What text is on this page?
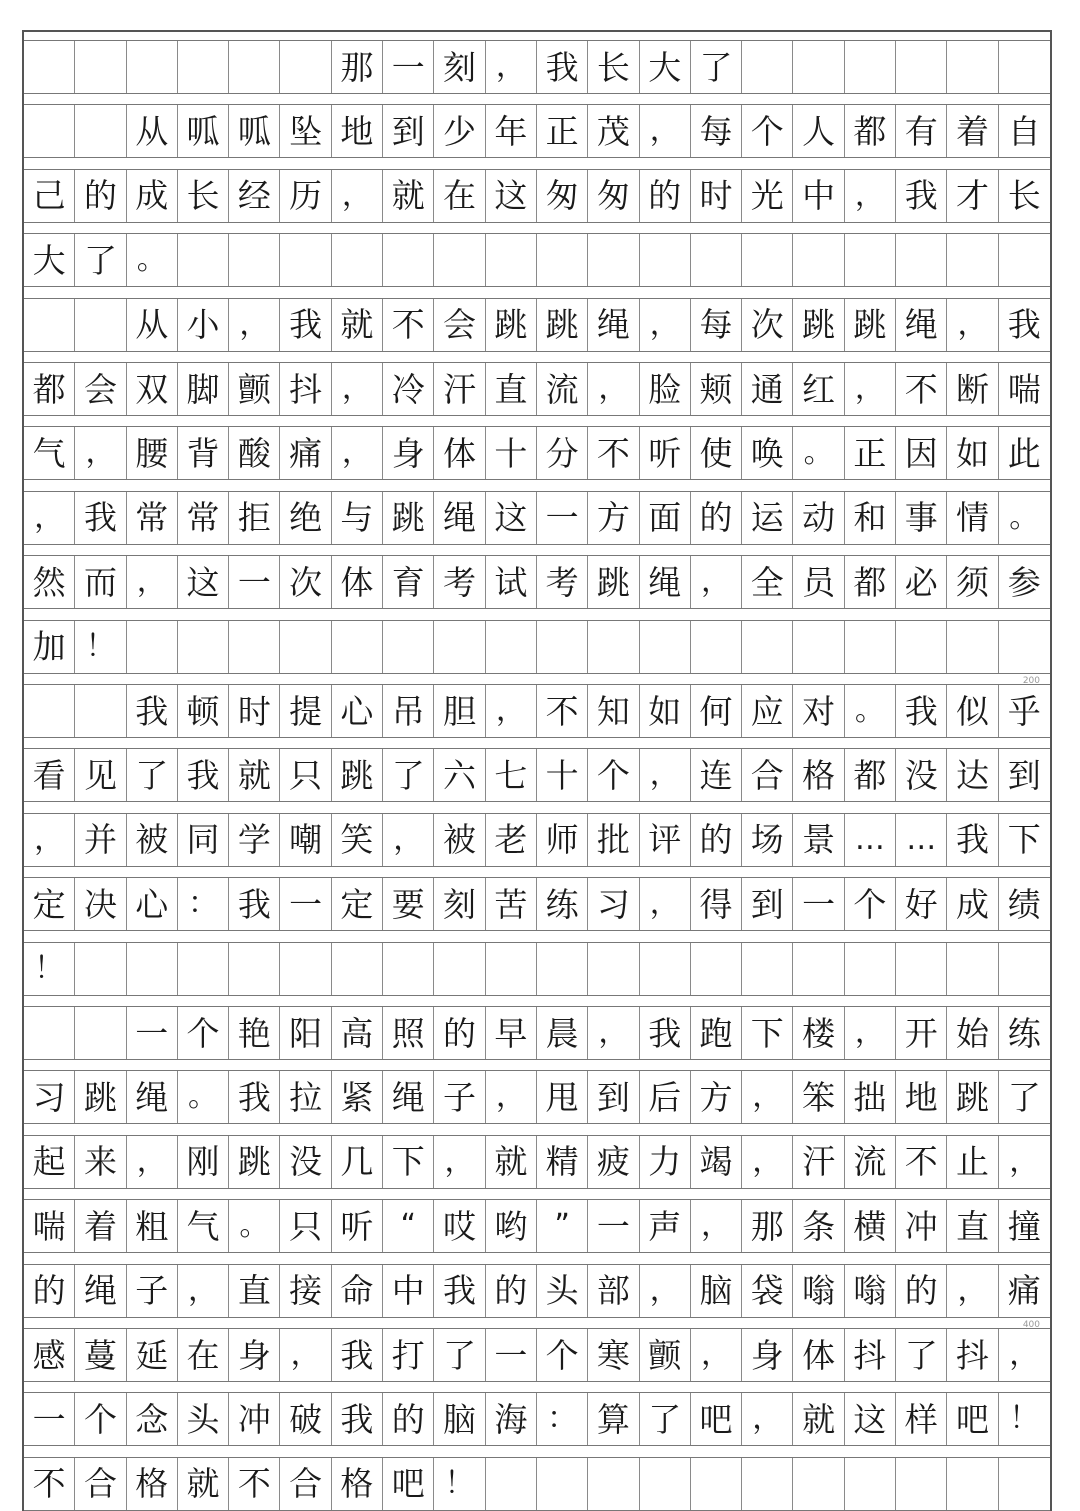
那 一 刻 ， 我 长 大 了
从 呱 呱 坠 地 到 少 年 正 茂 ， 每 个 人 都 有 着 自
己 的 成 长 经 历 ， 就 在 这 匆 匆 的 时 光 中 ， 我 才 长
大 了 。
从 小 ， 我 就 不 会 跳 跳 绳 ， 每 次 跳 跳 绳 ， 我
都 会 双 脚 颤 抖 ， 冷 汗 直 流 ， 脸 颊 通 红 ， 不 断 喘
气 ， 腰 背 酸 痛 ， 身 体 十 分 不 听 使 唤 。 正 因 如 此
， 我 常 常 拒 绝 与 跳 绳 这 一 方 面 的 运 动 和 事 情 。
然 而 ， 这 一 次 体 育 考 试 考 跳 绳 ， 全 员 都 必 须 参
加 ！
我 顿 时 提 心 吊 胆 ， 不 知 如 何 应 对 。 我 似 乎
看 见 了 我 就 只 跳 了 六 七 十 个 ， 连 合 格 都 没 达 到
， 并 被 同 学 嘲 笑 ， 被 老 师 批 评 的 场 景 … … 我 下
定 决 心 ： 我 一 定 要 刻 苦 练 习 ， 得 到 一 个 好 成 绩
！
一 个 艳 阳 高 照 的 早 晨 ， 我 跑 下 楼 ， 开 始 练
习 跳 绳 。 我 拉 紧 绳 子 ， 甩 到 后 方 ， 笨 拙 地 跳 了
起 来 ， 刚 跳 没 几 下 ， 就 精 疲 力 竭 ， 汗 流 不 止 ，
喘 着 粗 气 。 只 听 “ 哎 哟 ” 一 声 ， 那 条 横 冲 直 撞
的 绳 子 ， 直 接 命 中 我 的 头 部 ， 脑 袋 嗡 嗡 的 ， 痛
感 蔓 延 在 身 ， 我 打 了 一 个 寒 颤 ， 身 体 抖 了 抖 ，
一 个 念 头 冲 破 我 的 脑 海 ： 算 了 吧 ， 就 这 样 吧 ！
不 合 格 就 不 合 格 吧 ！
200
400
